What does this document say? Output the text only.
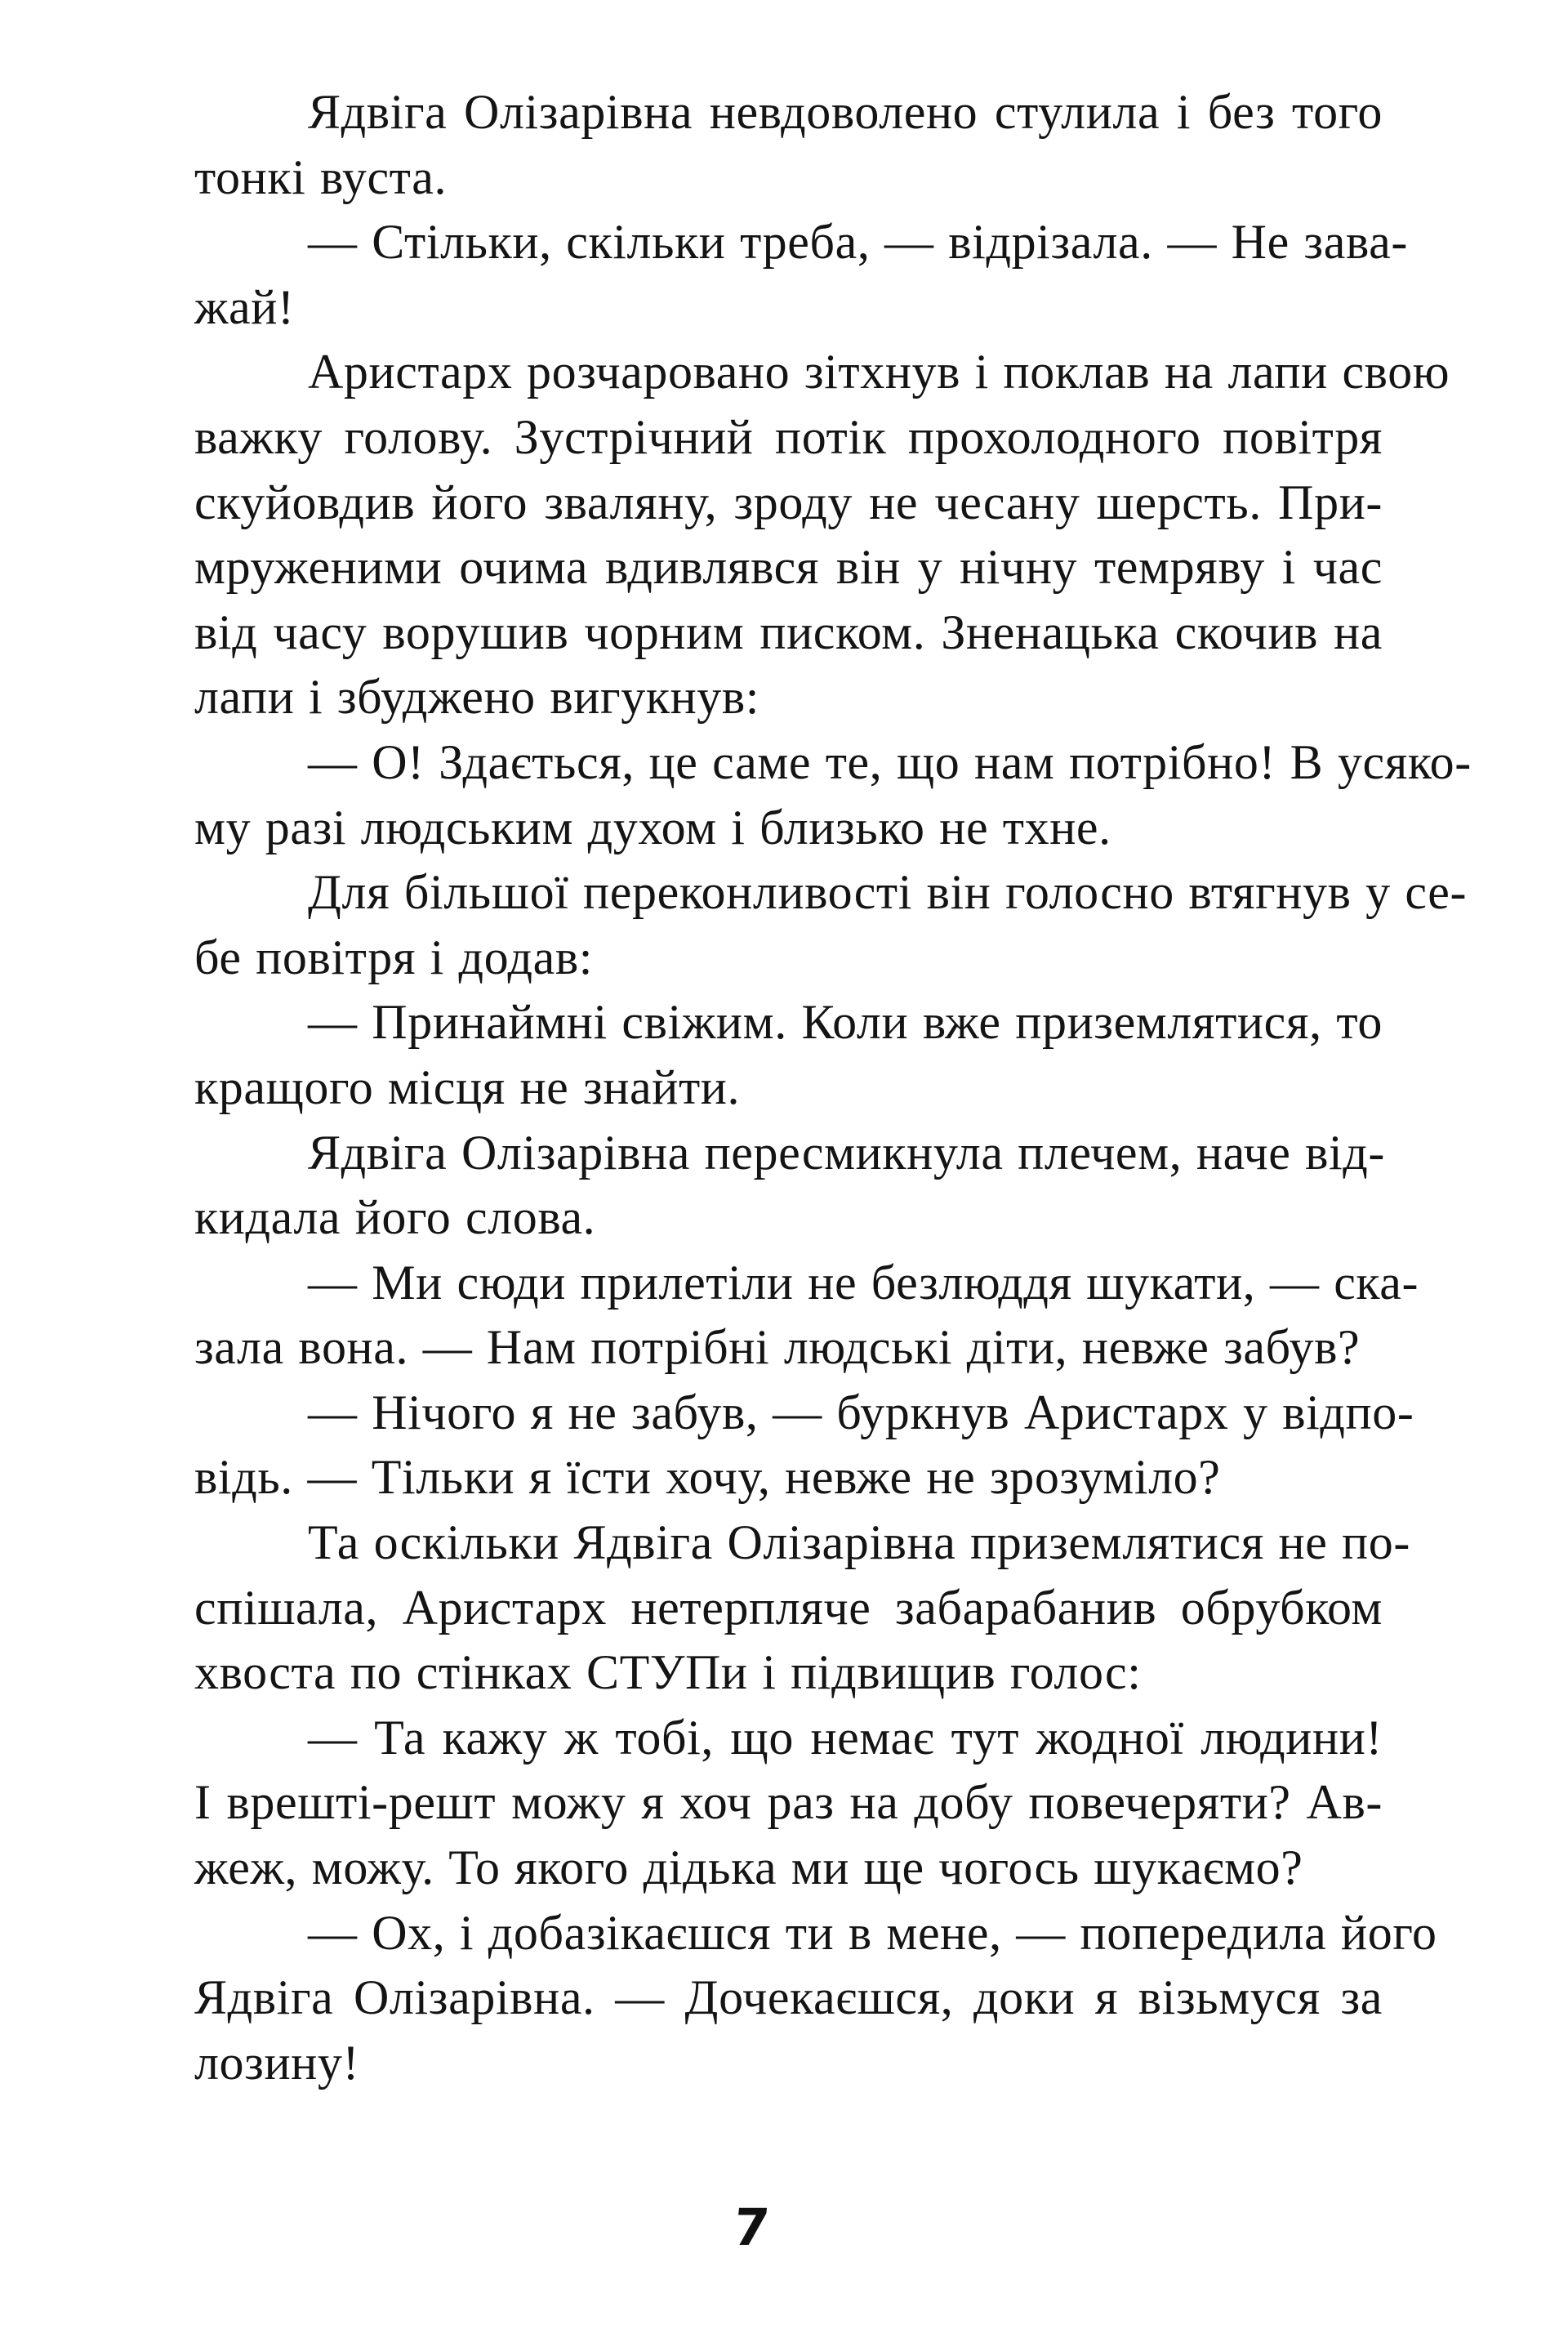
Ядвіга Олізарівна невдоволено стулила і без того
тонкі вуста.
— Стільки, скільки треба, — відрізала. — Не зава-
жай!
Аристарх розчаровано зітхнув і поклав на лапи свою
важку голову. Зустрічний потік прохолодного повітря
скуйовдив його зваляну, зроду не чесану шерсть. При-
мруженими очима вдивлявся він у нічну темряву і час
від часу ворушив чорним писком. Зненацька скочив на
лапи і збуджено вигукнув:
— О! Здається, це саме те, що нам потрібно! В усяко-
му разі людським духом і близько не тхне.
Для більшої переконливості він голосно втягнув у се-
бе повітря і додав:
— Принаймні свіжим. Коли вже приземлятися, то
кращого місця не знайти.
Ядвіга Олізарівна пересмикнула плечем, наче від-
кидала його слова.
— Ми сюди прилетіли не безлюддя шукати, — ска-
зала вона. — Нам потрібні людські діти, невже забув?
— Нічого я не забув, — буркнув Аристарх у відпо-
відь. — Тільки я їсти хочу, невже не зрозуміло?
Та оскільки Ядвіга Олізарівна приземлятися не по-
спішала, Аристарх нетерпляче забарабанив обрубком
хвоста по стінках СТУПи і підвищив голос:
— Та кажу ж тобі, що немає тут жодної людини!
І врешті-решт можу я хоч раз на добу повечеряти? Ав-
жеж, можу. То якого дідька ми ще чогось шукаємо?
— Ох, і добазікаєшся ти в мене, — попередила його
Ядвіга Олізарівна. — Дочекаєшся, доки я візьмуся за
лозину!
7
